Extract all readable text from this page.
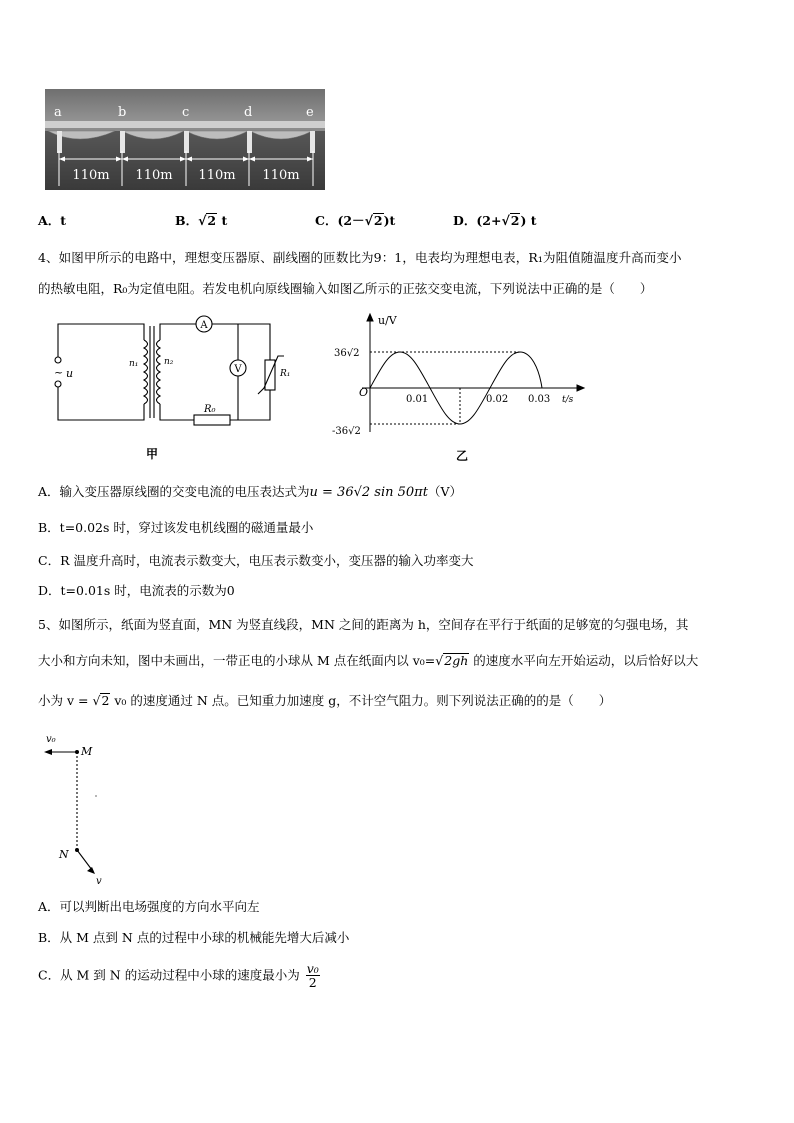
a	b	c	d	e
110m 110m 110m 110m
A．t	B．√2 t	C．(2－√2)t	D．(2+√2) t
4、如图甲所示的电路中，理想变压器原、副线圈的匝数比为9：1，电表均为理想电表，R₁为阻值随温度升高而变小
的热敏电阻，R₀为定值电阻。若发电机向原线圈输入如图乙所示的正弦交变电流，下列说法中正确的是（　　）
~ u
n₁	n₂
A
V
R₀
R₁
甲
u/V
36√2
-36√2
O
0.01	0.02 0.03 t/s
乙
A．输入变压器原线圈的交变电流的电压表达式为u = 36√2 sin 50πt（V）
B．t=0.02s 时，穿过该发电机线圈的磁通量最小
C．R 温度升高时，电流表示数变大，电压表示数变小，变压器的输入功率变大
D．t=0.01s 时，电流表的示数为0
5、如图所示，纸面为竖直面，MN 为竖直线段，MN 之间的距离为 h，空间存在平行于纸面的足够宽的匀强电场，其
大小和方向未知，图中未画出，一带正电的小球从 M 点在纸面内以 v₀=√2gh 的速度水平向左开始运动，以后恰好以大
小为 v = √2 v₀ 的速度通过 N 点。已知重力加速度 g，不计空气阻力。则下列说法正确的的是（　　）
v₀
M
N
v
A．可以判断出电场强度的方向水平向左
B．从 M 点到 N 点的过程中小球的机械能先增大后减小
C．从 M 到 N 的运动过程中小球的速度最小为 $\frac{\text{v₀}}{2}$
